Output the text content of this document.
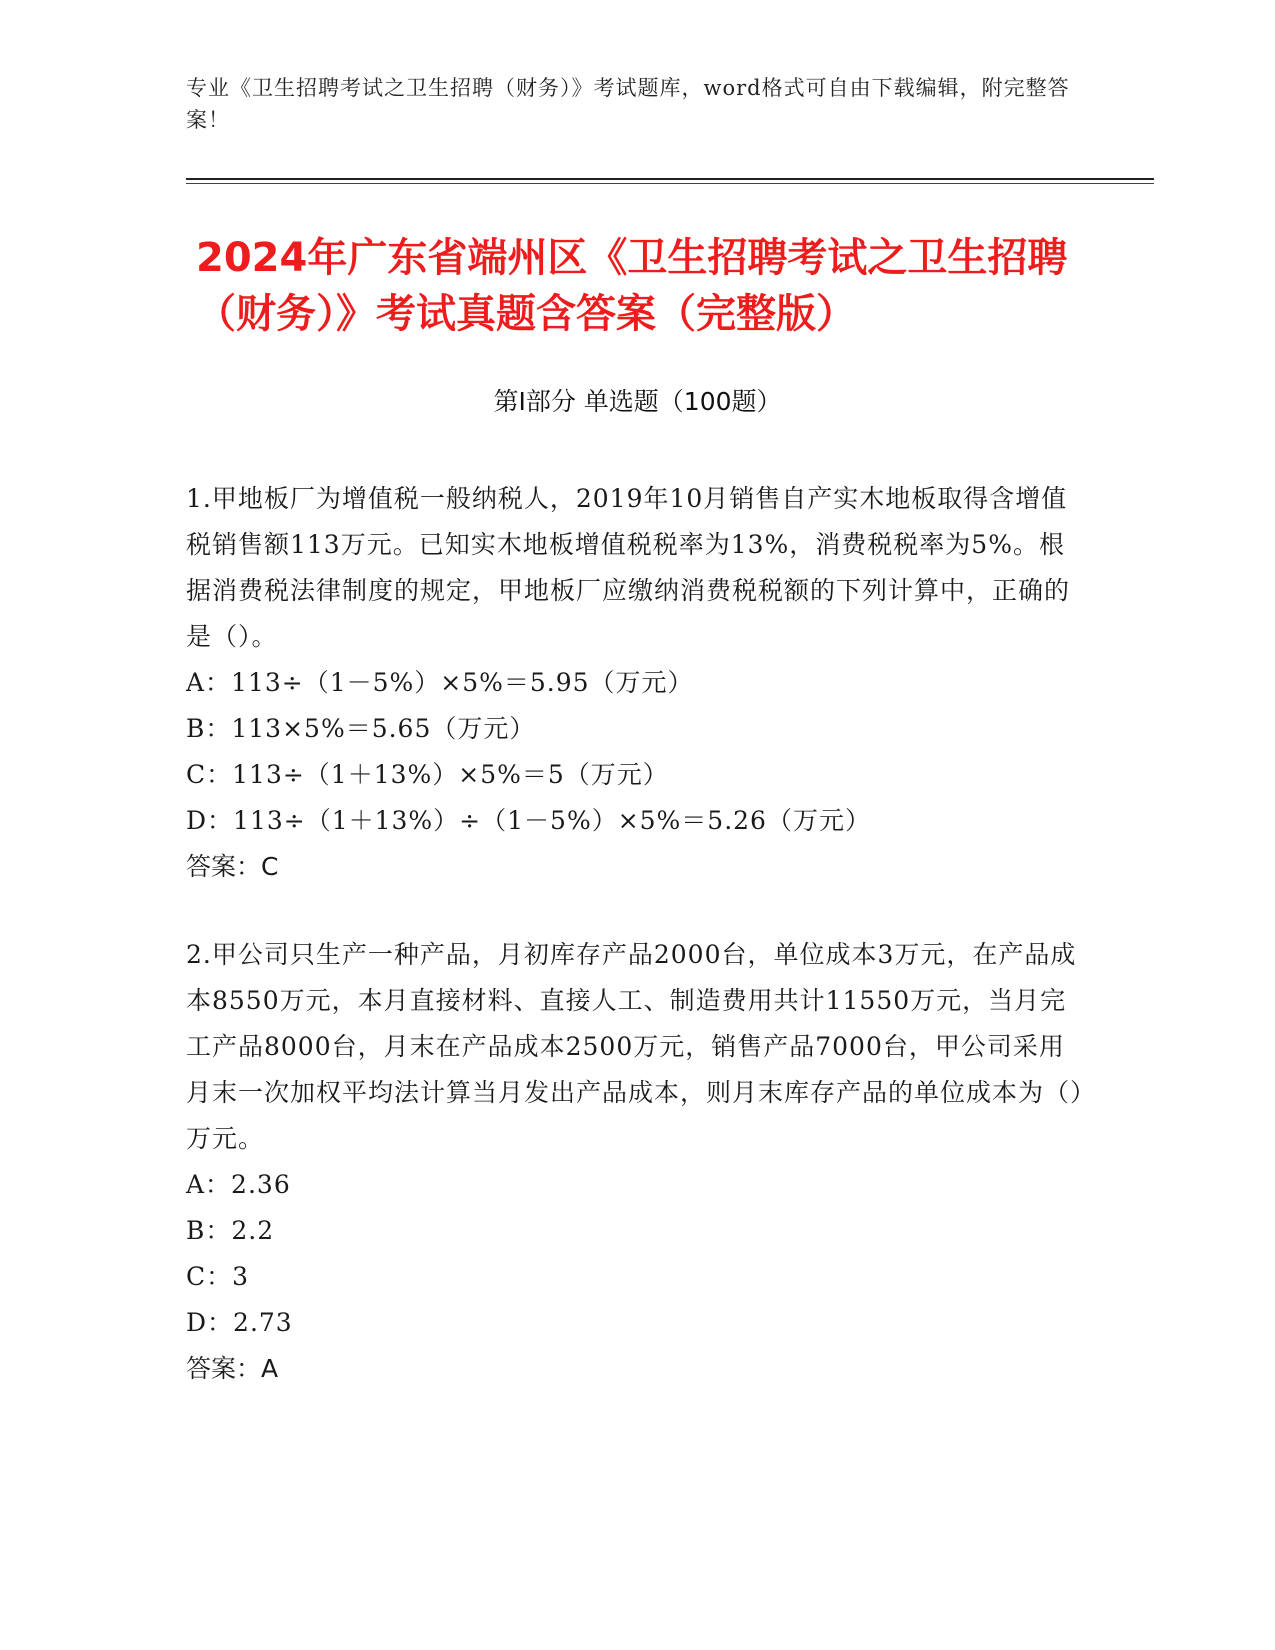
专业《卫生招聘考试之卫生招聘（财务）》考试题库，word格式可自由下载编辑，附完整答案！
2024年广东省端州区《卫生招聘考试之卫生招聘（财务）》考试真题含答案（完整版）
第I部分 单选题（100题）

1.甲地板厂为增值税一般纳税人，2019年10月销售自产实木地板取得含增值税销售额113万元。已知实木地板增值税税率为13%，消费税税率为5%。根据消费税法律制度的规定，甲地板厂应缴纳消费税税额的下列计算中，正确的是（）。

A：113÷（1－5%）×5%＝5.95（万元）

B：113×5%＝5.65（万元）

C：113÷（1＋13%）×5%＝5（万元）

D：113÷（1＋13%）÷（1－5%）×5%＝5.26（万元）

答案：C

2.甲公司只生产一种产品，月初库存产品2000台，单位成本3万元，在产品成本8550万元，本月直接材料、直接人工、制造费用共计11550万元，当月完工产品8000台，月末在产品成本2500万元，销售产品7000台，甲公司采用月末一次加权平均法计算当月发出产品成本，则月末库存产品的单位成本为（）万元。

A：2.36

B：2.2

C：3

D：2.73

答案：A
